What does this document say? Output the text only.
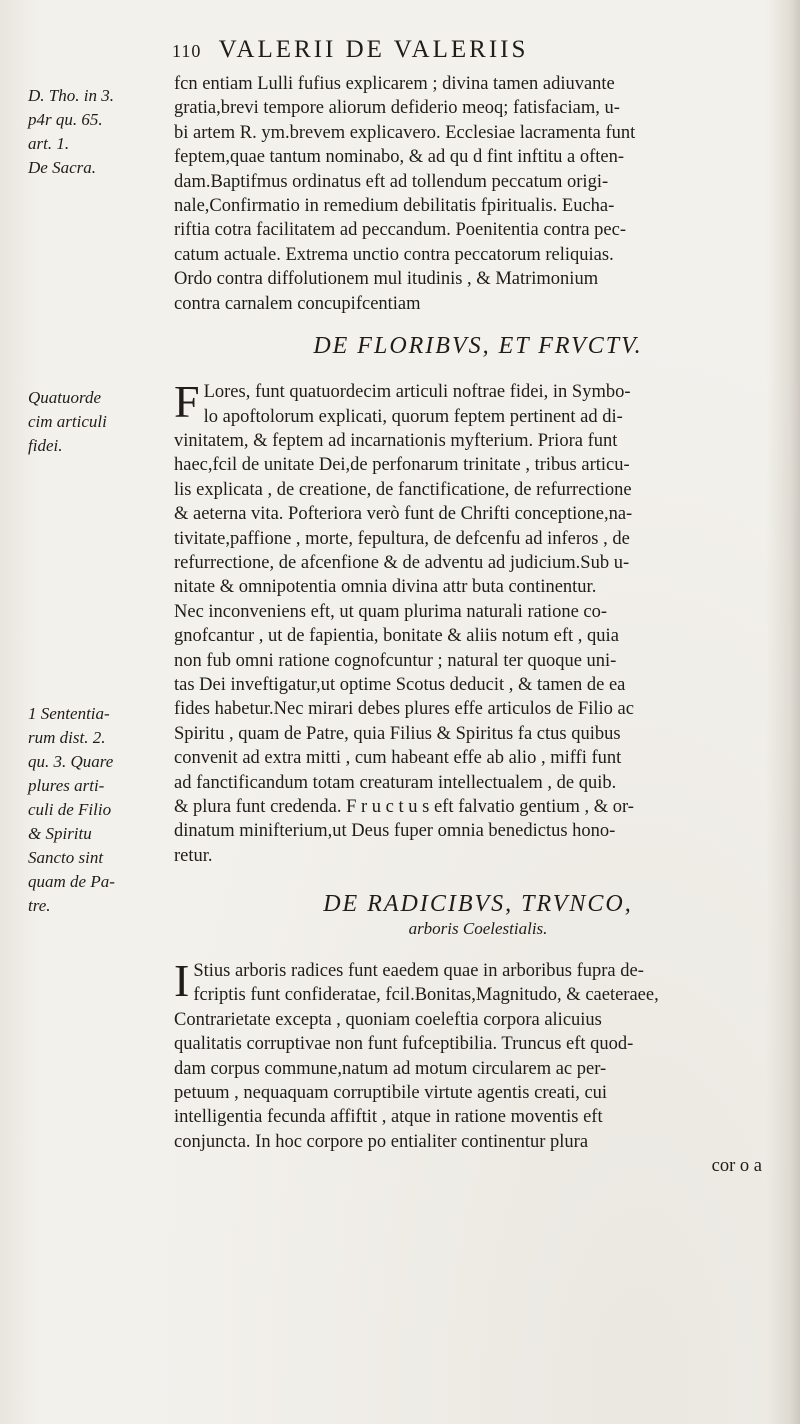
110 VALERII DE VALERIIS
D. Tho. in 3.
p4r qu. 65.
art. 1.
De Sacra.
Quatuorde
cim articuli
fidei.
1 Sententia-
rum dist. 2.
qu. 3. Quare
plures arti-
culi de Filio
& Spiritu
Sancto sint
quam de Pa-
tre.
fcn entiam Lulli fufius explicarem ; divina tamen adiuvante
gratia,brevi tempore aliorum defiderio meoq; fatisfaciam, u-
bi artem R. ym.brevem explicavero. Ecclesiae lacramenta funt
feptem,quae tantum nominabo, & ad qu d fint inftitu a often-
dam.Baptifmus ordinatus eft ad tollendum peccatum origi-
nale,Confirmatio in remedium debilitatis fpiritualis. Eucha-
riftia cotra facilitatem ad peccandum. Poenitentia contra pec-
catum actuale. Extrema unctio contra peccatorum reliquias.
Ordo contra diffolutionem mul itudinis , & Matrimonium
contra carnalem concupifcentiam
DE FLORIBVS, ET FRVCTV.
F Lores, funt quatuordecim articuli noftrae fidei, in Symbo-
lo apoftolorum explicati, quorum feptem pertinent ad di-
vinitatem, & feptem ad incarnationis myfterium. Priora funt
haec,fcil de unitate Dei,de perfonarum trinitate , tribus articu-
lis explicata , de creatione, de fanctificatione, de refurrectione
& aeterna vita. Pofteriora verò funt de Chrifti conceptione,na-
tivitate,paffione , morte, fepultura, de defcenfu ad inferos , de
refurrectione, de afcenfione & de adventu ad judicium.Sub u-
nitate & omnipotentia omnia divina attr buta continentur.
Nec inconveniens eft, ut quam plurima naturali ratione co-
gnofcantur , ut de fapientia, bonitate & aliis notum eft , quia
non fub omni ratione cognofcuntur ; natural ter quoque uni-
tas Dei inveftigatur,ut optime Scotus deducit , & tamen de ea
fides habetur.Nec mirari debes plures effe articulos de Filio ac
Spiritu , quam de Patre, quia Filius & Spiritus fa ctus quibus
convenit ad extra mitti , cum habeant effe ab alio , miffi funt
ad fanctificandum totam creaturam intellectualem , de quib.
& plura funt credenda. F r u c t u s eft falvatio gentium , & or-
dinatum minifterium,ut Deus fuper omnia benedictus hono-
retur.
DE RADICIBVS, TRVNCO,
arboris Coelestialis.
I Stius arboris radices funt eaedem quae in arboribus fupra de-
fcriptis funt confideratae, fcil.Bonitas,Magnitudo, & caeteraee,
Contrarietate excepta , quoniam coeleftia corpora alicuius
qualitatis corruptivae non funt fufceptibilia. Truncus eft quod-
dam corpus commune,natum ad motum circularem ac per-
petuum , nequaquam corruptibile virtute agentis creati, cui
intelligentia fecunda affiftit , atque in ratione moventis eft
conjuncta. In hoc corpore po entialiter continentur plura
cor o a
